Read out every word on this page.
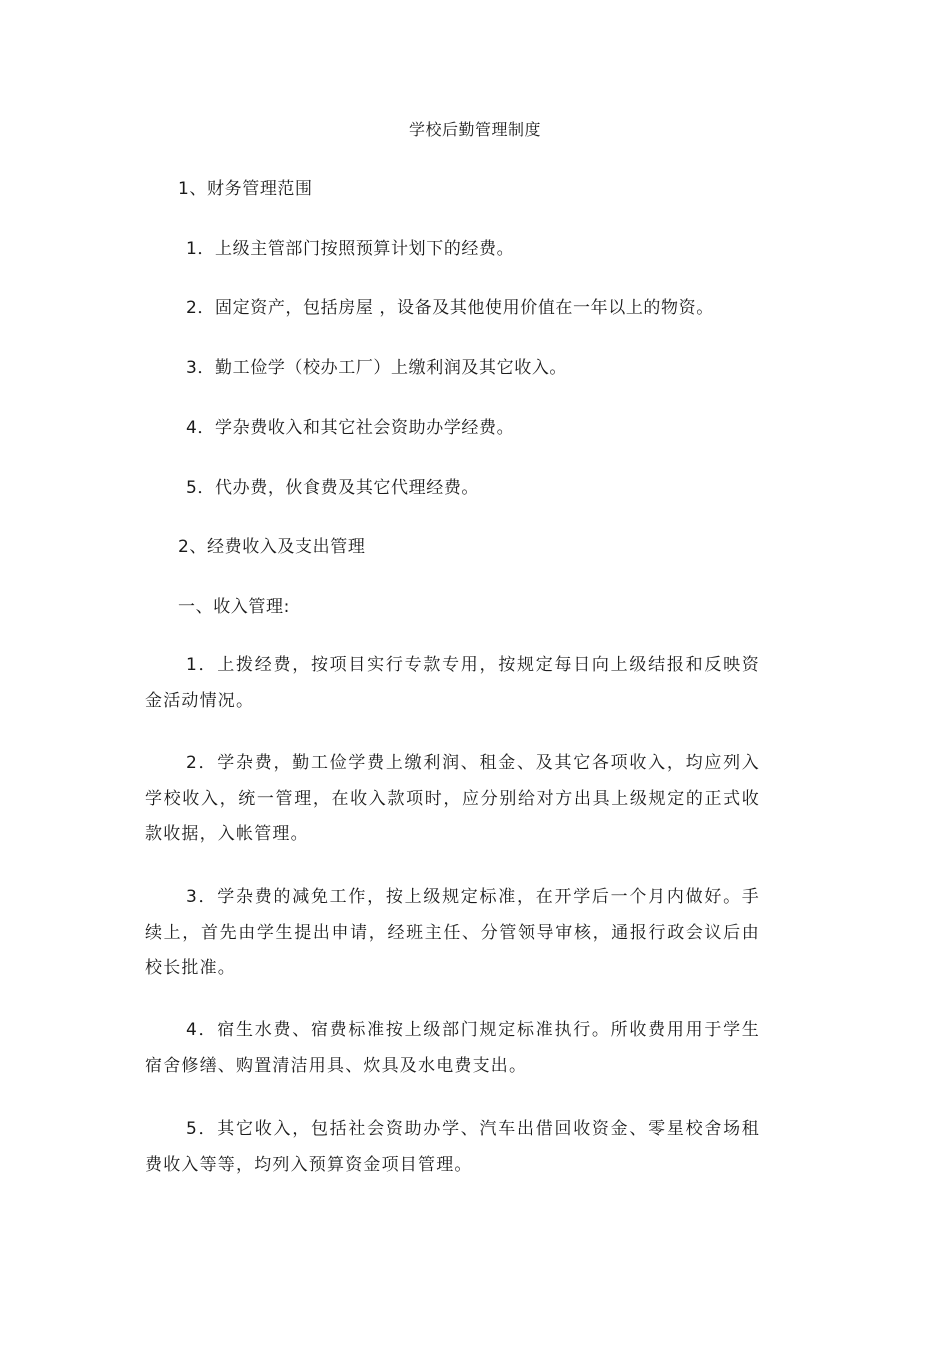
学校后勤管理制度
1、财务管理范围
1．上级主管部门按照预算计划下的经费。
2．固定资产，包括房屋 ，设备及其他使用价值在一年以上的物资。
3．勤工俭学（校办工厂）上缴利润及其它收入。
4．学杂费收入和其它社会资助办学经费。
5．代办费，伙食费及其它代理经费。
2、经费收入及支出管理
一、收入管理:
1．上拨经费，按项目实行专款专用，按规定每日向上级结报和反映资金活动情况。
2．学杂费，勤工俭学费上缴利润、租金、及其它各项收入，均应列入学校收入，统一管理，在收入款项时，应分别给对方出具上级规定的正式收款收据，入帐管理。
3．学杂费的减免工作，按上级规定标准，在开学后一个月内做好。手续上，首先由学生提出申请，经班主任、分管领导审核，通报行政会议后由校长批准。
4．宿生水费、宿费标准按上级部门规定标准执行。所收费用用于学生宿舍修缮、购置清洁用具、炊具及水电费支出。
5．其它收入，包括社会资助办学、汽车出借回收资金、零星校舍场租费收入等等，均列入预算资金项目管理。
